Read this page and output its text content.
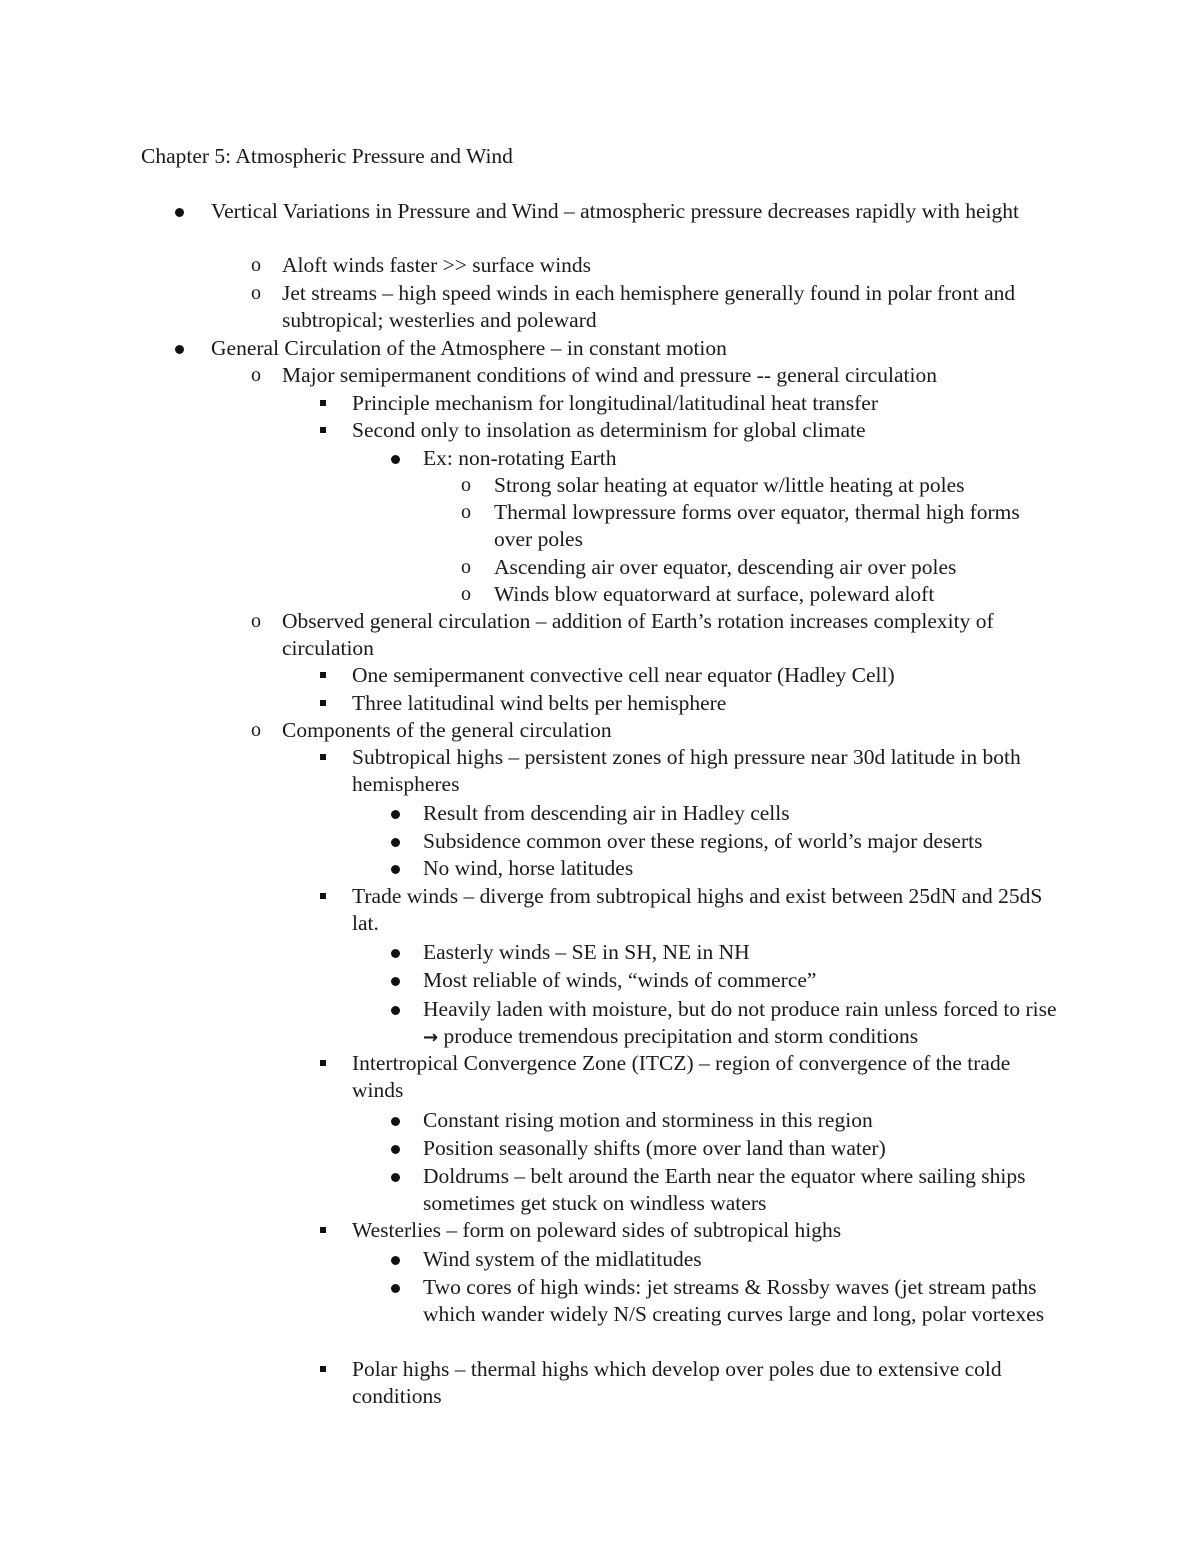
Chapter 5: Atmospheric Pressure and Wind
Vertical Variations in Pressure and Wind – atmospheric pressure decreases rapidly with height
o Aloft winds faster >> surface winds
o Jet streams – high speed winds in each hemisphere generally found in polar front and subtropical; westerlies and poleward
General Circulation of the Atmosphere – in constant motion
o Major semipermanent conditions of wind and pressure -- general circulation
Principle mechanism for longitudinal/latitudinal heat transfer
Second only to insolation as determinism for global climate
Ex: non-rotating Earth
o Strong solar heating at equator w/little heating at poles
o Thermal lowpressure forms over equator, thermal high forms over poles
o Ascending air over equator, descending air over poles
o Winds blow equatorward at surface, poleward aloft
o Observed general circulation – addition of Earth’s rotation increases complexity of circulation
One semipermanent convective cell near equator (Hadley Cell)
Three latitudinal wind belts per hemisphere
o Components of the general circulation
Subtropical highs – persistent zones of high pressure near 30d latitude in both hemispheres
Result from descending air in Hadley cells
Subsidence common over these regions, of world’s major deserts
No wind, horse latitudes
Trade winds – diverge from subtropical highs and exist between 25dN and 25dS lat.
Easterly winds – SE in SH, NE in NH
Most reliable of winds, “winds of commerce”
Heavily laden with moisture, but do not produce rain unless forced to rise → produce tremendous precipitation and storm conditions
Intertropical Convergence Zone (ITCZ) – region of convergence of the trade winds
Constant rising motion and storminess in this region
Position seasonally shifts (more over land than water)
Doldrums – belt around the Earth near the equator where sailing ships sometimes get stuck on windless waters
Westerlies – form on poleward sides of subtropical highs
Wind system of the midlatitudes
Two cores of high winds: jet streams & Rossby waves (jet stream paths which wander widely N/S creating curves large and long, polar vortexes
Polar highs – thermal highs which develop over poles due to extensive cold conditions
